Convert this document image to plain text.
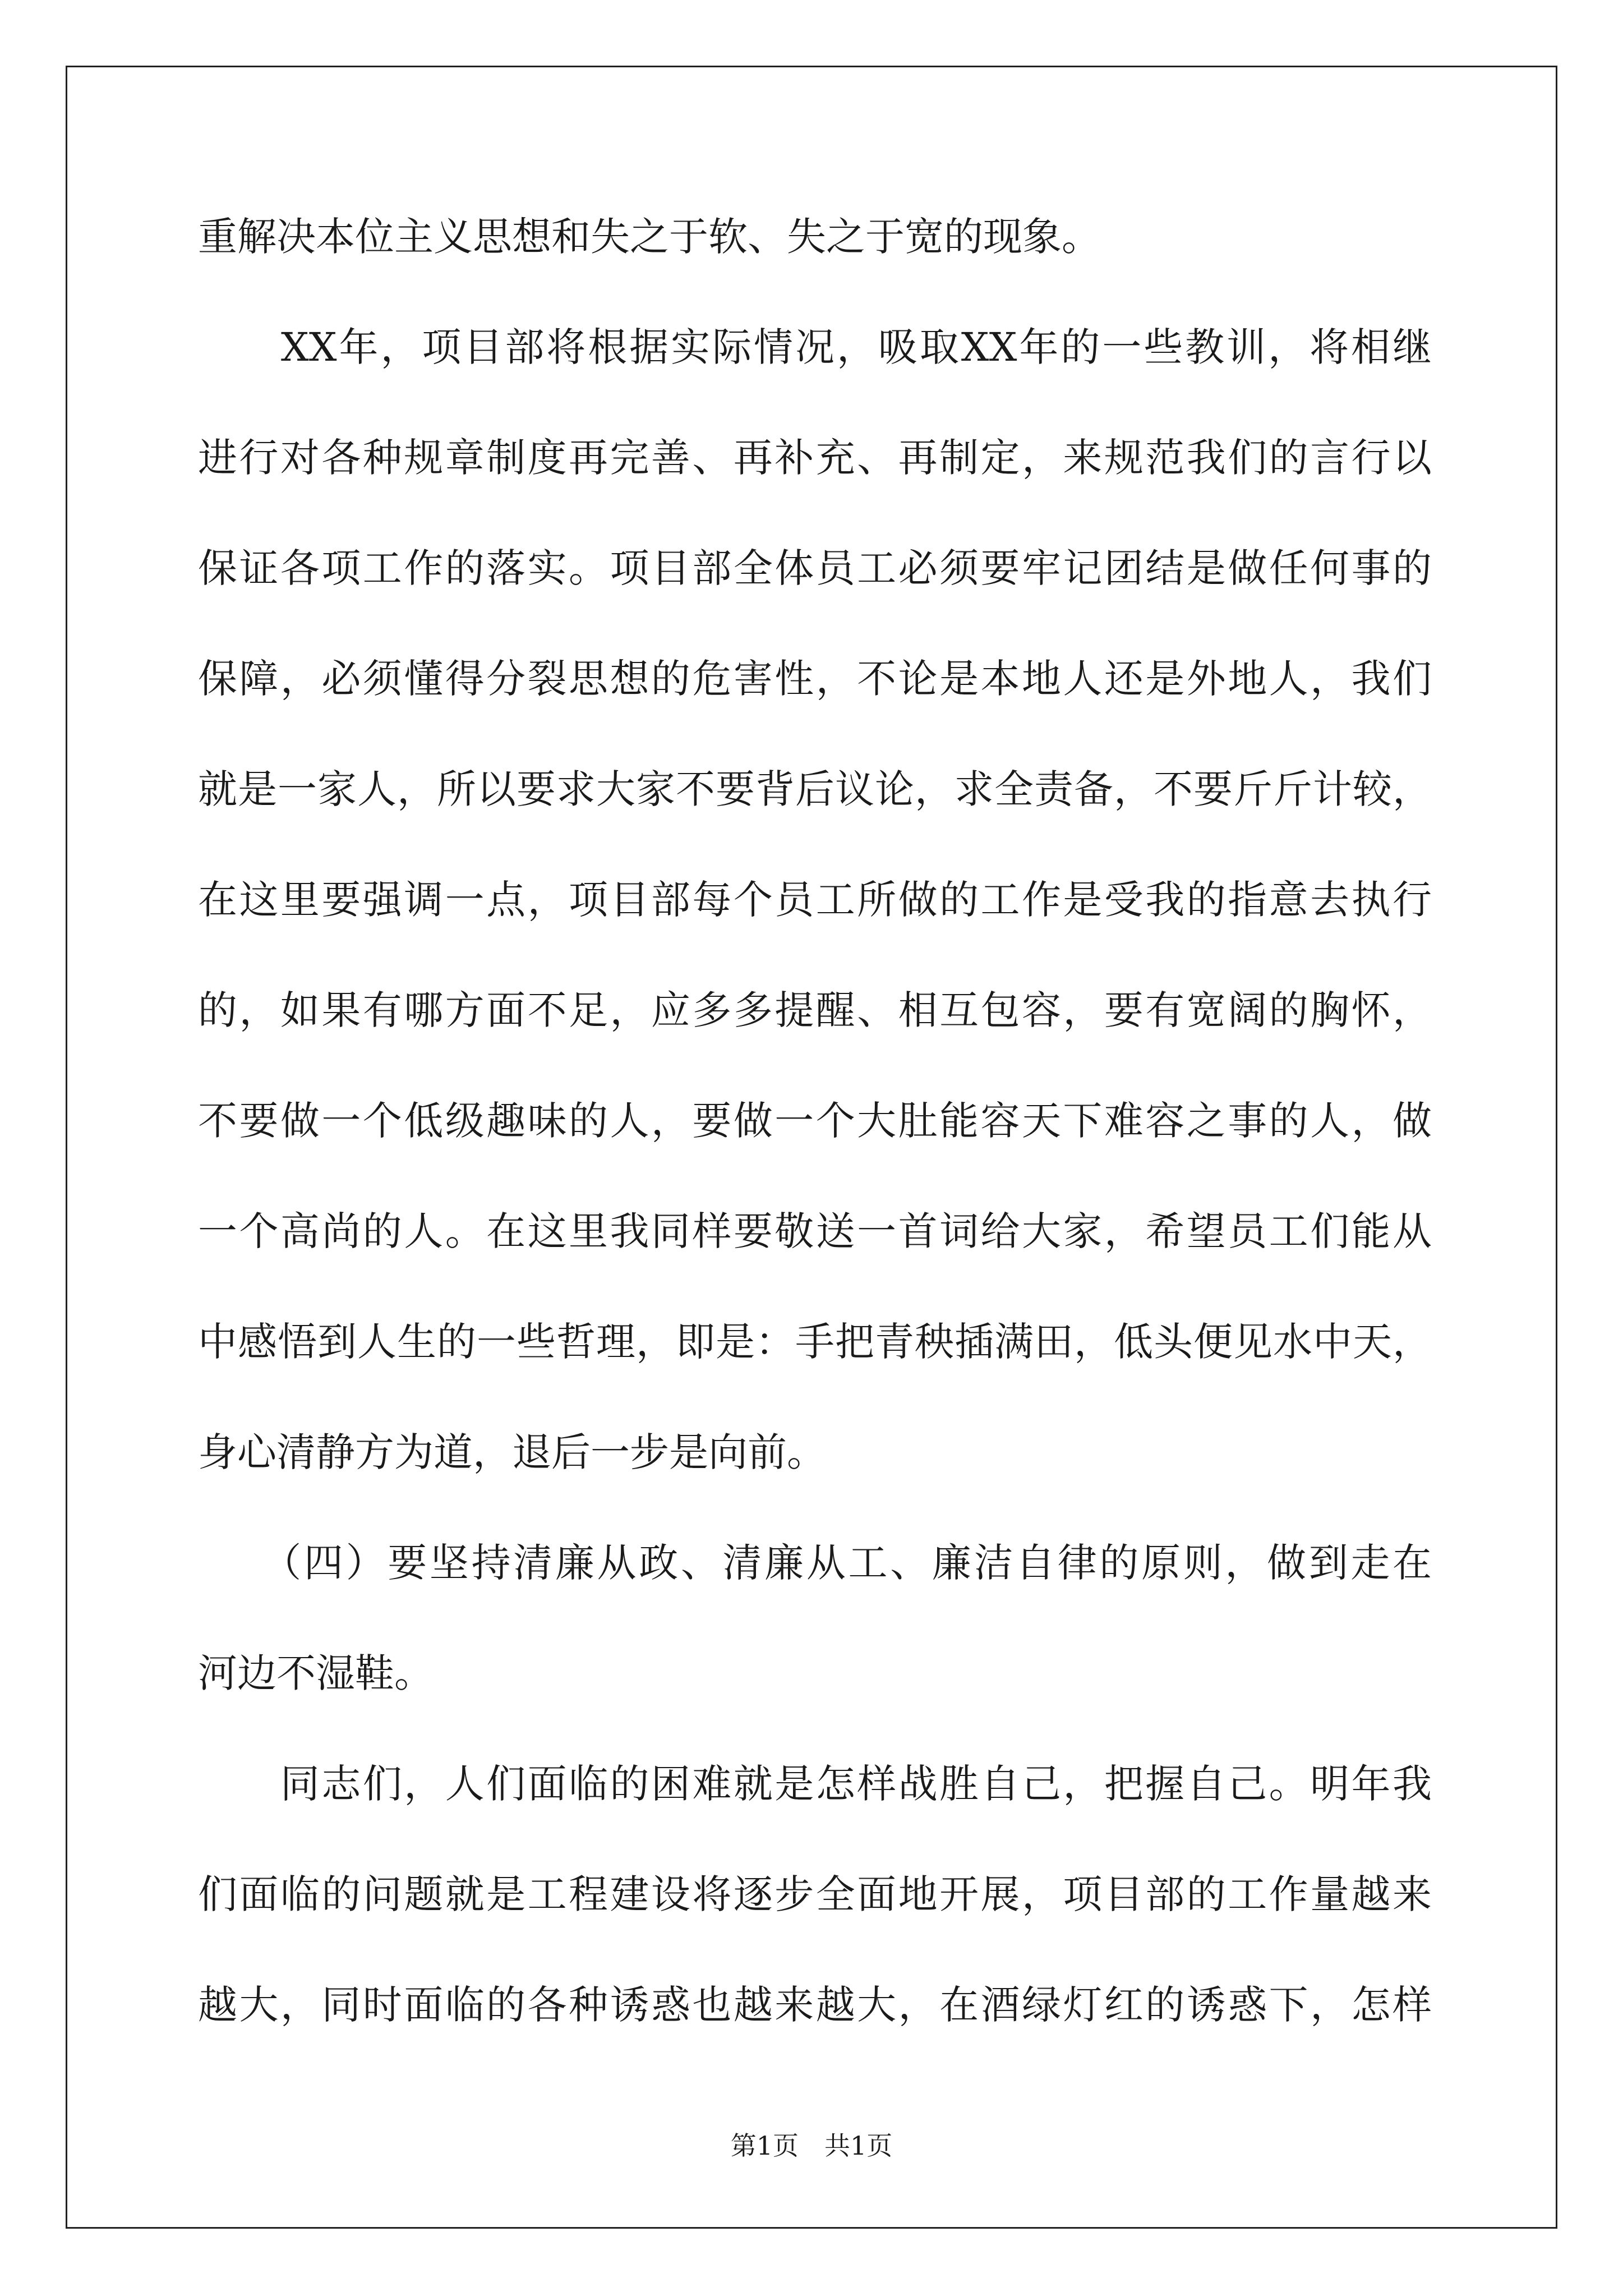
重解决本位主义思想和失之于软、失之于宽的现象。
　　XX年，项目部将根据实际情况，吸取XX年的一些教训，将相继
进行对各种规章制度再完善、再补充、再制定，来规范我们的言行以
保证各项工作的落实。项目部全体员工必须要牢记团结是做任何事的
保障，必须懂得分裂思想的危害性，不论是本地人还是外地人，我们
就是一家人，所以要求大家不要背后议论，求全责备，不要斤斤计较，
在这里要强调一点，项目部每个员工所做的工作是受我的指意去执行
的，如果有哪方面不足，应多多提醒、相互包容，要有宽阔的胸怀，
不要做一个低级趣味的人，要做一个大肚能容天下难容之事的人，做
一个高尚的人。在这里我同样要敬送一首词给大家，希望员工们能从
中感悟到人生的一些哲理，即是：手把青秧插满田，低头便见水中天，
身心清静方为道，退后一步是向前。
　　（四）要坚持清廉从政、清廉从工、廉洁自律的原则，做到走在
河边不湿鞋。
　　同志们，人们面临的困难就是怎样战胜自己，把握自己。明年我
们面临的问题就是工程建设将逐步全面地开展，项目部的工作量越来
越大，同时面临的各种诱惑也越来越大，在酒绿灯红的诱惑下，怎样
第1页　共1页
